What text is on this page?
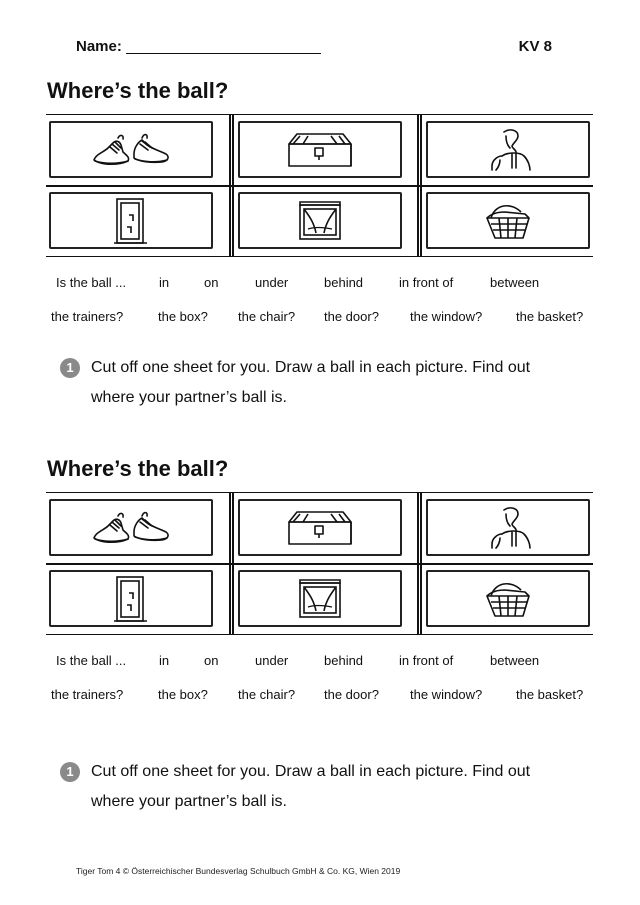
Name:	KV 8
Where’s the ball?
Is the ball ...	in	on	under	behind	in front of	between
the trainers?	the box? the chair? the door? the window?	the basket?
1	Cut off one sheet for you. Draw a ball in each picture. Find out
where your partner’s ball is.
Where’s the ball?
Is the ball ...	in	on	under	behind	in front of	between
the trainers?	the box? the chair? the door? the window?	the basket?
1	Cut off one sheet for you. Draw a ball in each picture. Find out
where your partner’s ball is.
Tiger Tom 4 © Österreichischer Bundesverlag Schulbuch GmbH & Co. KG, Wien 2019
